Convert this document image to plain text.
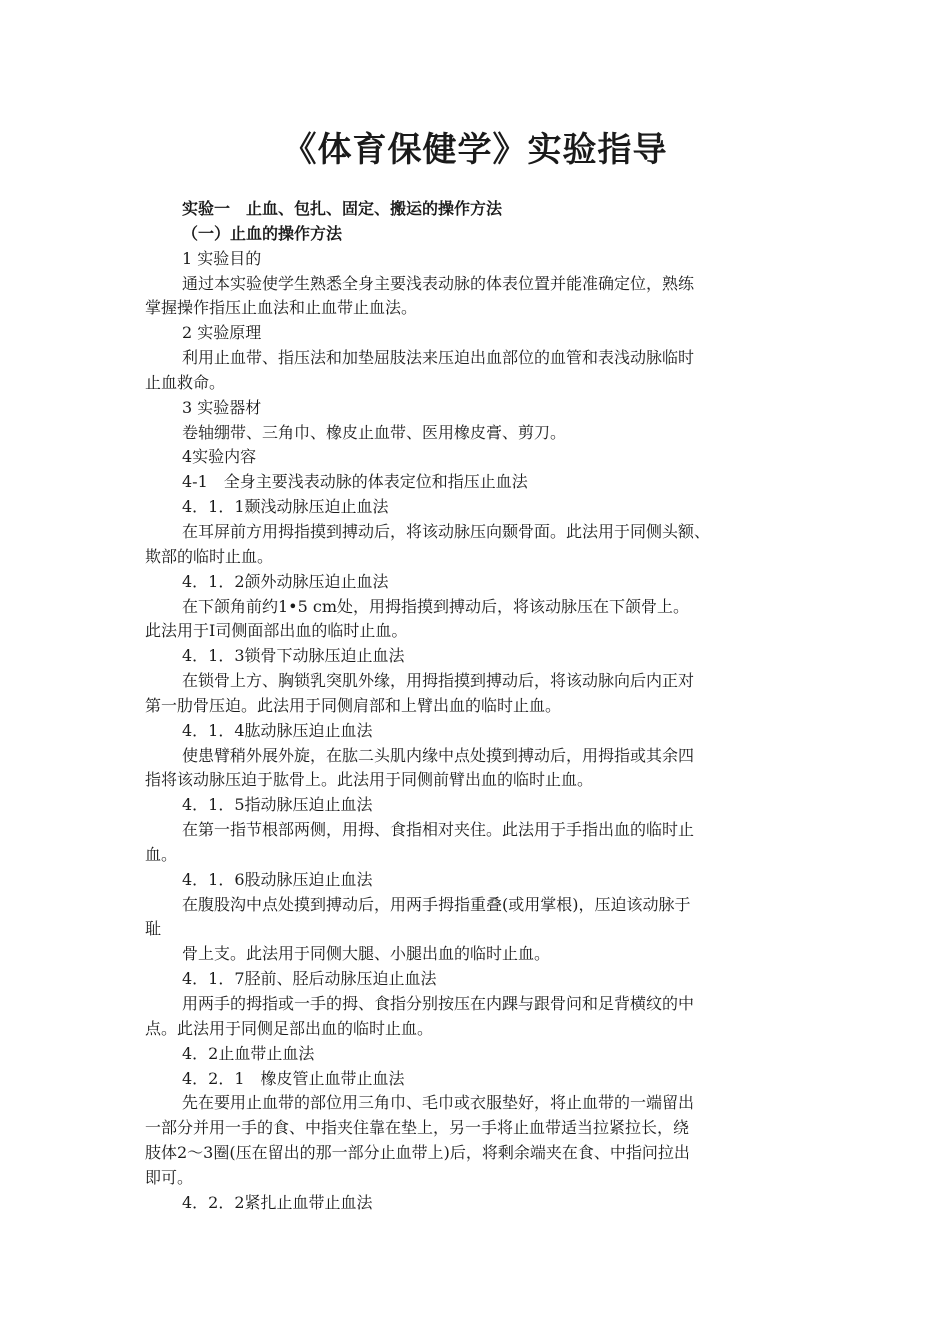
《体育保健学》实验指导
实验一　止血、包扎、固定、搬运的操作方法
（一）止血的操作方法
1 实验目的
通过本实验使学生熟悉全身主要浅表动脉的体表位置并能准确定位，熟练
掌握操作指压止血法和止血带止血法。
2 实验原理
利用止血带、指压法和加垫屈肢法来压迫出血部位的血管和表浅动脉临时
止血救命。
3 实验器材
卷轴绷带、三角巾、橡皮止血带、医用橡皮膏、剪刀。
4实验内容
4-1　全身主要浅表动脉的体表定位和指压止血法
4．1．1颞浅动脉压迫止血法
在耳屏前方用拇指摸到搏动后，将该动脉压向颞骨面。此法用于同侧头额、
欺部的临时止血。
4．1．2颌外动脉压迫止血法
在下颌角前约1•5 cm处，用拇指摸到搏动后，将该动脉压在下颌骨上。
此法用于I司侧面部出血的临时止血。
4．1．3锁骨下动脉压迫止血法
在锁骨上方、胸锁乳突肌外缘，用拇指摸到搏动后，将该动脉向后内正对
第一肋骨压迫。此法用于同侧肩部和上臂出血的临时止血。
4．1．4肱动脉压迫止血法
使患臂稍外展外旋，在肱二头肌内缘中点处摸到搏动后，用拇指或其余四
指将该动脉压迫于肱骨上。此法用于同侧前臂出血的临时止血。
4．1．5指动脉压迫止血法
在第一指节根部两侧，用拇、食指相对夹住。此法用于手指出血的临时止
血。
4．1．6股动脉压迫止血法
在腹股沟中点处摸到搏动后，用两手拇指重叠(或用掌根)，压迫该动脉于
耻
骨上支。此法用于同侧大腿、小腿出血的临时止血。
4．1．7胫前、胫后动脉压迫止血法
用两手的拇指或一手的拇、食指分别按压在内踝与跟骨问和足背横纹的中
点。此法用于同侧足部出血的临时止血。
4．2止血带止血法
4．2．1　橡皮管止血带止血法
先在要用止血带的部位用三角巾、毛巾或衣服垫好，将止血带的一端留出
一部分并用一手的食、中指夹住靠在垫上，另一手将止血带适当拉紧拉长，绕
肢体2～3圈(压在留出的那一部分止血带上)后，将剩余端夹在食、中指问拉出
即可。
4．2．2紧扎止血带止血法
